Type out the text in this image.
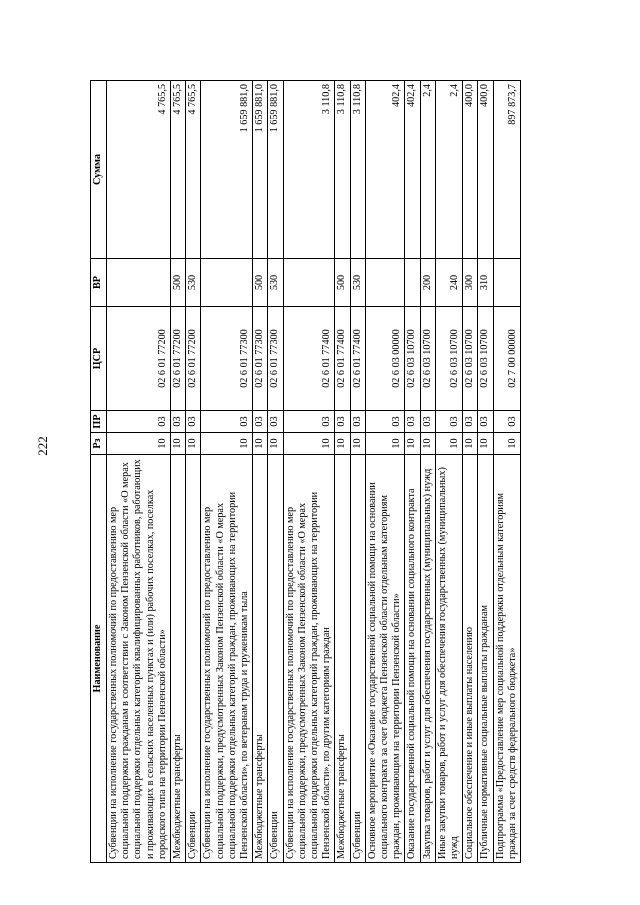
222
Наименование	Рз	ПР	ЦСР	ВР	Сумма
Субвенции на исполнение государственных полномочий по предоставлению мер социальной поддержки гражданам в соответствии с Законом Пензенской области «О мерах социальной поддержки отдельных категорий квалифицированных работников, работающих и проживающих в сельских населенных пунктах и (или) рабочих поселках, поселках городского типа на территории Пензенской области»	10	03	02 6 01 77200		4 765,5
Межбюджетные трансферты	10	03	02 6 01 77200	500	4 765,5
Субвенции	10	03	02 6 01 77200	530	4 765,5
Субвенции на исполнение государственных полномочий по предоставлению мер социальной поддержки, предусмотренных Законом Пензенской области «О мерах социальной поддержки отдельных категорий граждан, проживающих на территории Пензенской области», по ветеранам труда и труженикам тыла	10	03	02 6 01 77300		1 659 881,0
Межбюджетные трансферты	10	03	02 6 01 77300	500	1 659 881,0
Субвенции	10	03	02 6 01 77300	530	1 659 881,0
Субвенции на исполнение государственных полномочий по предоставлению мер социальной поддержки, предусмотренных Законом Пензенской области «О мерах социальной поддержки отдельных категорий граждан, проживающих на территории Пензенской области», по другим категориям граждан	10	03	02 6 01 77400		3 110,8
Межбюджетные трансферты	10	03	02 6 01 77400	500	3 110,8
Субвенции	10	03	02 6 01 77400	530	3 110,8
Основное мероприятие «Оказание государственной социальной помощи на основании социального контракта за счет бюджета Пензенской области отдельным категориям граждан, проживающим на территории Пензенской области»	10	03	02 6 03 00000		402,4
Оказание государственной социальной помощи на основании социального контракта	10	03	02 6 03 10700		402,4
Закупка товаров, работ и услуг для обеспечения государственных (муниципальных) нужд	10	03	02 6 03 10700	200	2,4
Иные закупки товаров, работ и услуг для обеспечения государственных (муниципальных) нужд	10	03	02 6 03 10700	240	2,4
Социальное обеспечение и иные выплаты населению	10	03	02 6 03 10700	300	400,0
Публичные нормативные социальные выплаты гражданам	10	03	02 6 03 10700	310	400,0
Подпрограмма «Предоставление мер социальной поддержки отдельным категориям граждан за счет средств федерального бюджета»	10	03	02 7 00 00000		897 873,7
